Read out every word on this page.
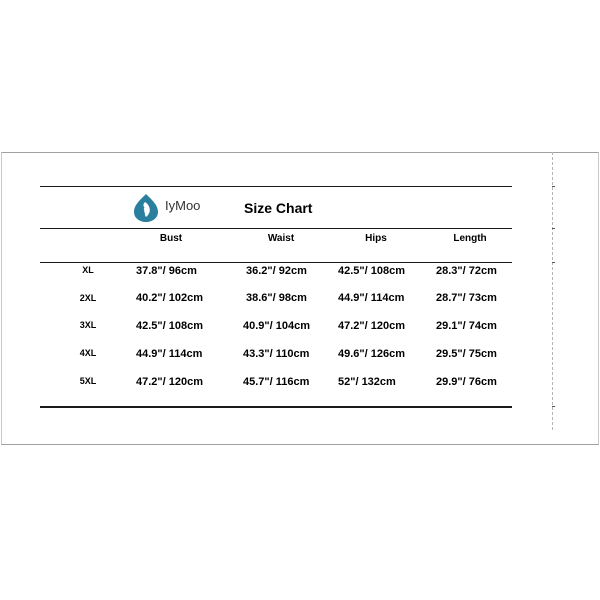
IyMoo	Size Chart
Bust	Waist	Hips	Length
XL	37.8"/ 96cm	36.2"/ 92cm	42.5"/ 108cm	28.3"/ 72cm
2XL	40.2"/ 102cm	38.6"/ 98cm	44.9"/ 114cm	28.7"/ 73cm
3XL	42.5"/ 108cm	40.9"/ 104cm	47.2"/ 120cm	29.1"/ 74cm
4XL	44.9"/ 114cm	43.3"/ 110cm	49.6"/ 126cm	29.5"/ 75cm
5XL	47.2"/ 120cm	45.7"/ 116cm	52"/ 132cm	29.9"/ 76cm
